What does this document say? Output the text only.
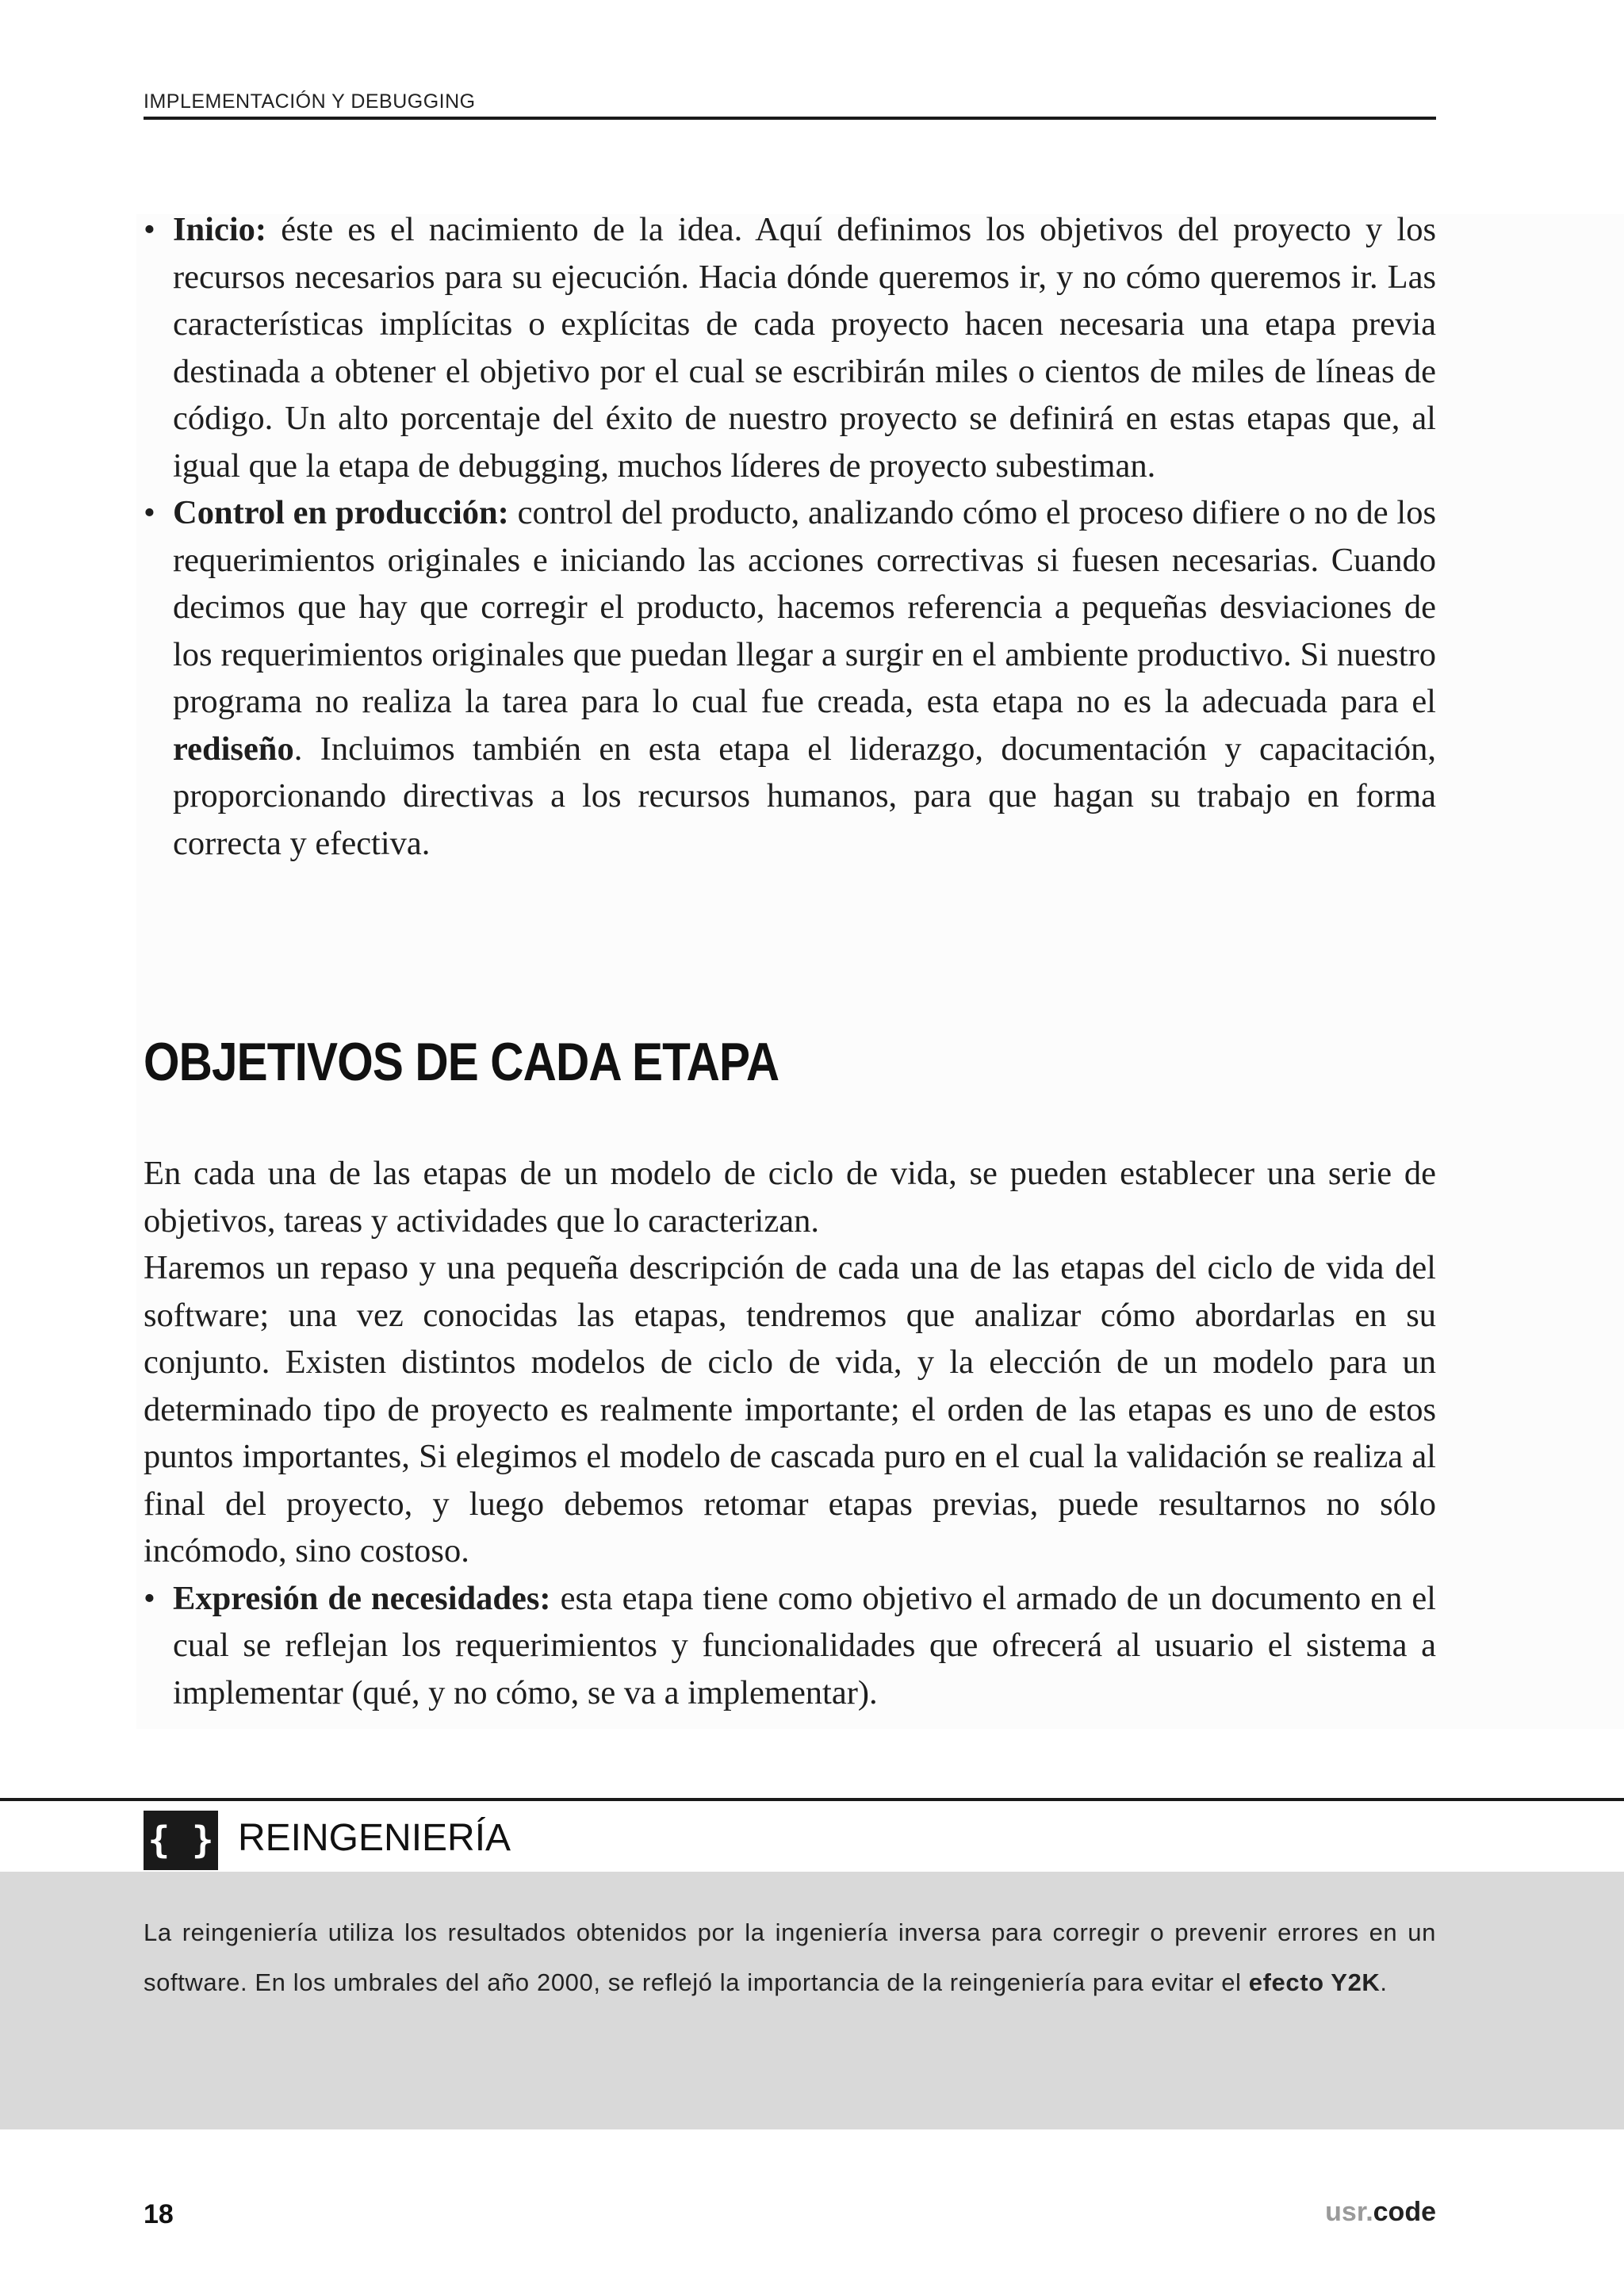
IMPLEMENTACIÓN Y DEBUGGING
• Inicio: éste es el nacimiento de la idea. Aquí definimos los objetivos del proyecto y los recursos necesarios para su ejecución. Hacia dónde queremos ir, y no cómo queremos ir. Las características implícitas o explícitas de cada proyecto hacen necesaria una etapa previa destinada a obtener el objetivo por el cual se escribirán miles o cientos de miles de líneas de código. Un alto porcentaje del éxito de nuestro proyecto se definirá en estas etapas que, al igual que la etapa de debugging, muchos líderes de proyecto subestiman.
• Control en producción: control del producto, analizando cómo el proceso difiere o no de los requerimientos originales e iniciando las acciones correctivas si fuesen necesarias. Cuando decimos que hay que corregir el producto, hacemos referencia a pequeñas desviaciones de los requerimientos originales que puedan llegar a surgir en el ambiente productivo. Si nuestro programa no realiza la tarea para lo cual fue creada, esta etapa no es la adecuada para el rediseño. Incluimos también en esta etapa el liderazgo, documentación y capacitación, proporcionando directivas a los recursos humanos, para que hagan su trabajo en forma correcta y efectiva.
OBJETIVOS DE CADA ETAPA

En cada una de las etapas de un modelo de ciclo de vida, se pueden establecer una serie de objetivos, tareas y actividades que lo caracterizan.

Haremos un repaso y una pequeña descripción de cada una de las etapas del ciclo de vida del software; una vez conocidas las etapas, tendremos que analizar cómo abordarlas en su conjunto. Existen distintos modelos de ciclo de vida, y la elección de un modelo para un determinado tipo de proyecto es realmente importante; el orden de las etapas es uno de estos puntos importantes, Si elegimos el modelo de cascada puro en el cual la validación se realiza al final del proyecto, y luego debemos retomar etapas previas, puede resultarnos no sólo incómodo, sino costoso.

• Expresión de necesidades: esta etapa tiene como objetivo el armado de un documento en el cual se reflejan los requerimientos y funcionalidades que ofrecerá al usuario el sistema a implementar (qué, y no cómo, se va a implementar).
{ } REINGENIERÍA

La reingeniería utiliza los resultados obtenidos por la ingeniería inversa para corregir o prevenir errores en un software. En los umbrales del año 2000, se reflejó la importancia de la reingeniería para evitar el efecto Y2K.

18	usr.code
